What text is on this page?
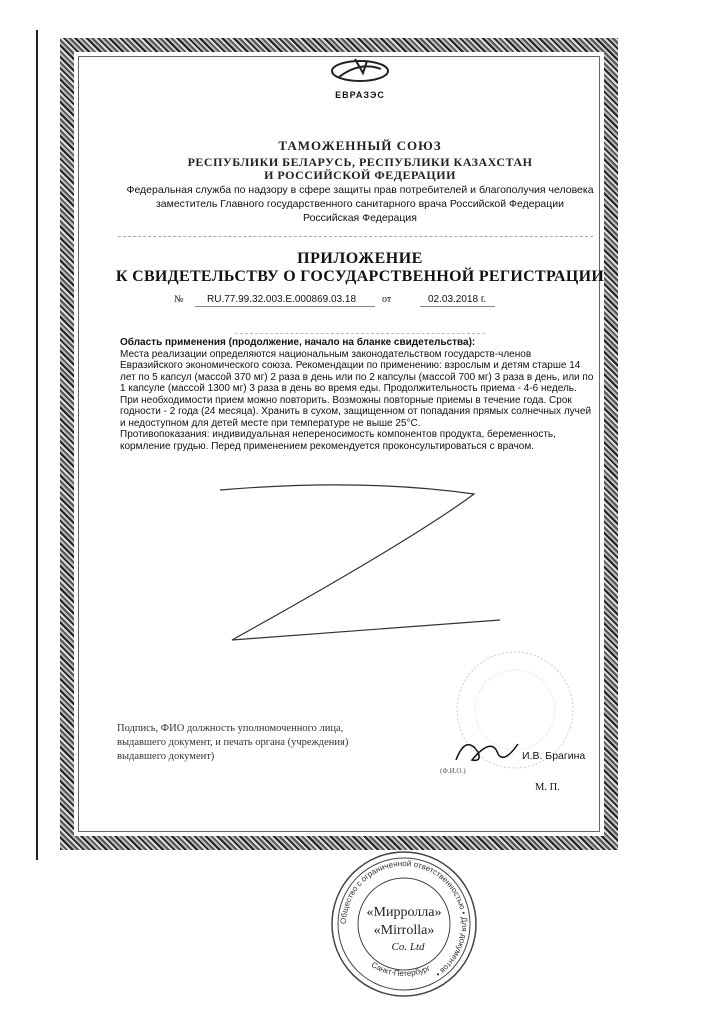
ЕВРАЗЭС
ТАМОЖЕННЫЙ СОЮЗ
РЕСПУБЛИКИ БЕЛАРУСЬ, РЕСПУБЛИКИ КАЗАХСТАН
И РОССИЙСКОЙ ФЕДЕРАЦИИ
Федеральная служба по надзору в сфере защиты прав потребителей и благополучия человека
заместитель Главного государственного санитарного врача Российской Федерации
Российская Федерация
ПРИЛОЖЕНИЕ
К СВИДЕТЕЛЬСТВУ О ГОСУДАРСТВЕННОЙ РЕГИСТРАЦИИ
№ RU.77.99.32.003.Е.000869.03.18	от	02.03.2018 г.

Область применения (продолжение, начало на бланке свидетельства):

Места реализации определяются национальным законодательством государств-членов Евразийского экономического союза. Рекомендации по применению: взрослым и детям старше 14 лет по 5 капсул (массой 370 мг) 2 раза в день или по 2 капсулы (массой 700 мг) 3 раза в день, или по 1 капсуле (массой 1300 мг) 3 раза в день во время еды. Продолжительность приема - 4-6 недель. При необходимости прием можно повторить. Возможны повторные приемы в течение года. Срок годности - 2 года (24 месяца). Хранить в сухом, защищенном от попадания прямых солнечных лучей и недоступном для детей месте при температуре не выше 25°С.

Противопоказания: индивидуальная непереносимость компонентов продукта, беременность, кормление грудью. Перед применением рекомендуется проконсультироваться с врачом.

Подпись, ФИО должность уполномоченного лица, выдавшего документ, и печать органа (учреждения) выдавшего документ)	И.В. Брагина
(Ф.И.О.)
М. П.
Общество с ограниченной ответственностью • Для документов •
Санкт-Петербург
«Мирролла»
«Mirrolla»
Co. Ltd
